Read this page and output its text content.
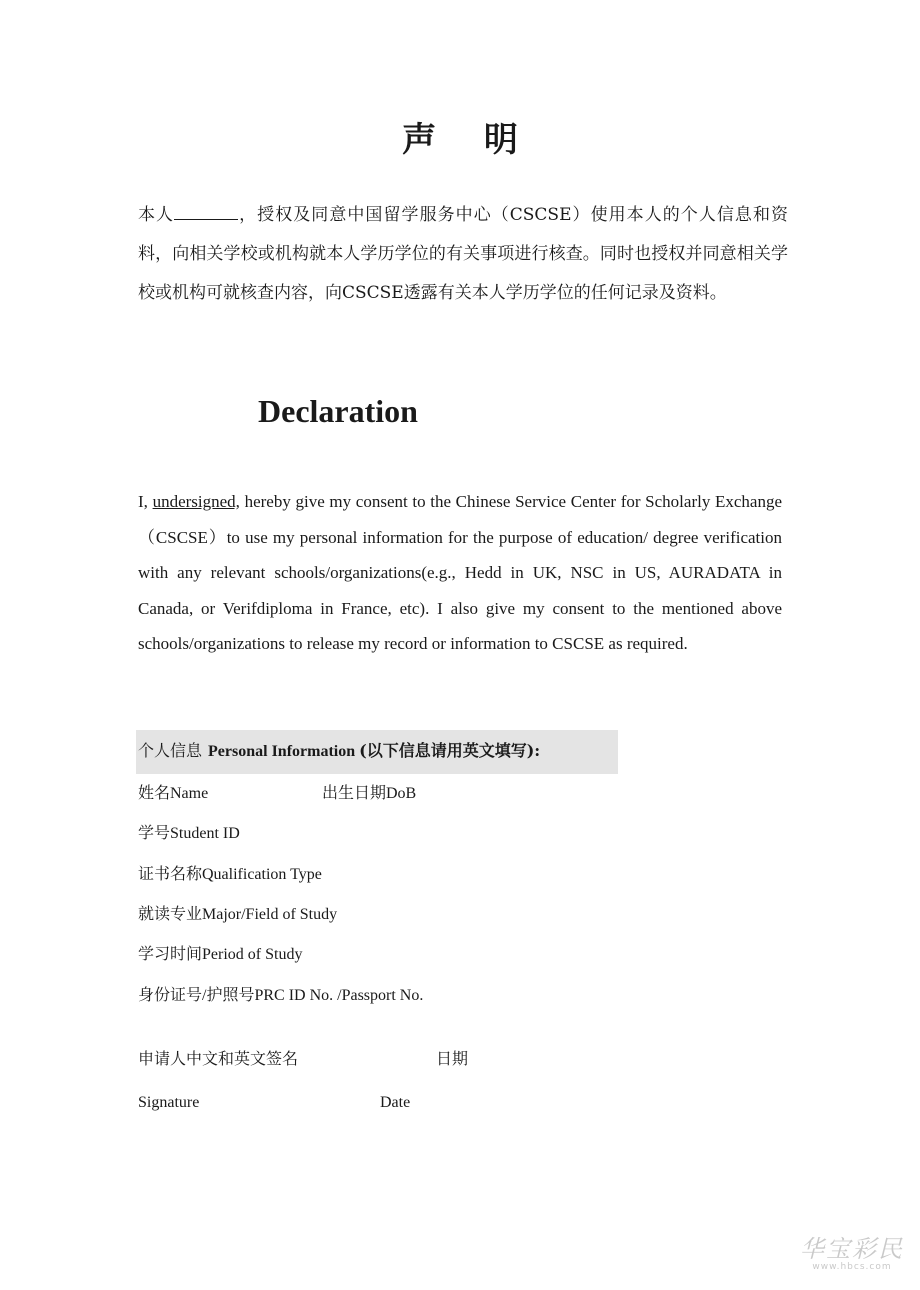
声 明
本人	，授权及同意中国留学服务中心（CSCSE）使用本人的个人信息和资料，向相关学校或机构就本人学历学位的有关事项进行核查。同时也授权并同意相关学校或机构可就核查内容，向CSCSE透露有关本人学历学位的任何记录及资料。
Declaration
I, undersigned, hereby give my consent to the Chinese Service Center for Scholarly Exchange（CSCSE）to use my personal information for the purpose of education/ degree verification with any relevant schools/organizations(e.g., Hedd in UK, NSC in US, AURADATA in Canada, or Verifdiploma in France, etc). I also give my consent to the mentioned above schools/organizations to release my record or information to CSCSE as required.
个人信息 Personal Information (以下信息请用英文填写):
姓名Name	出生日期DoB
学号Student ID
证书名称Qualification Type
就读专业Major/Field of Study
学习时间Period of Study
身份证号/护照号PRC ID No. /Passport No.
申请人中文和英文签名	日期
Signature	Date
华宝彩民
www.hbcs.com
